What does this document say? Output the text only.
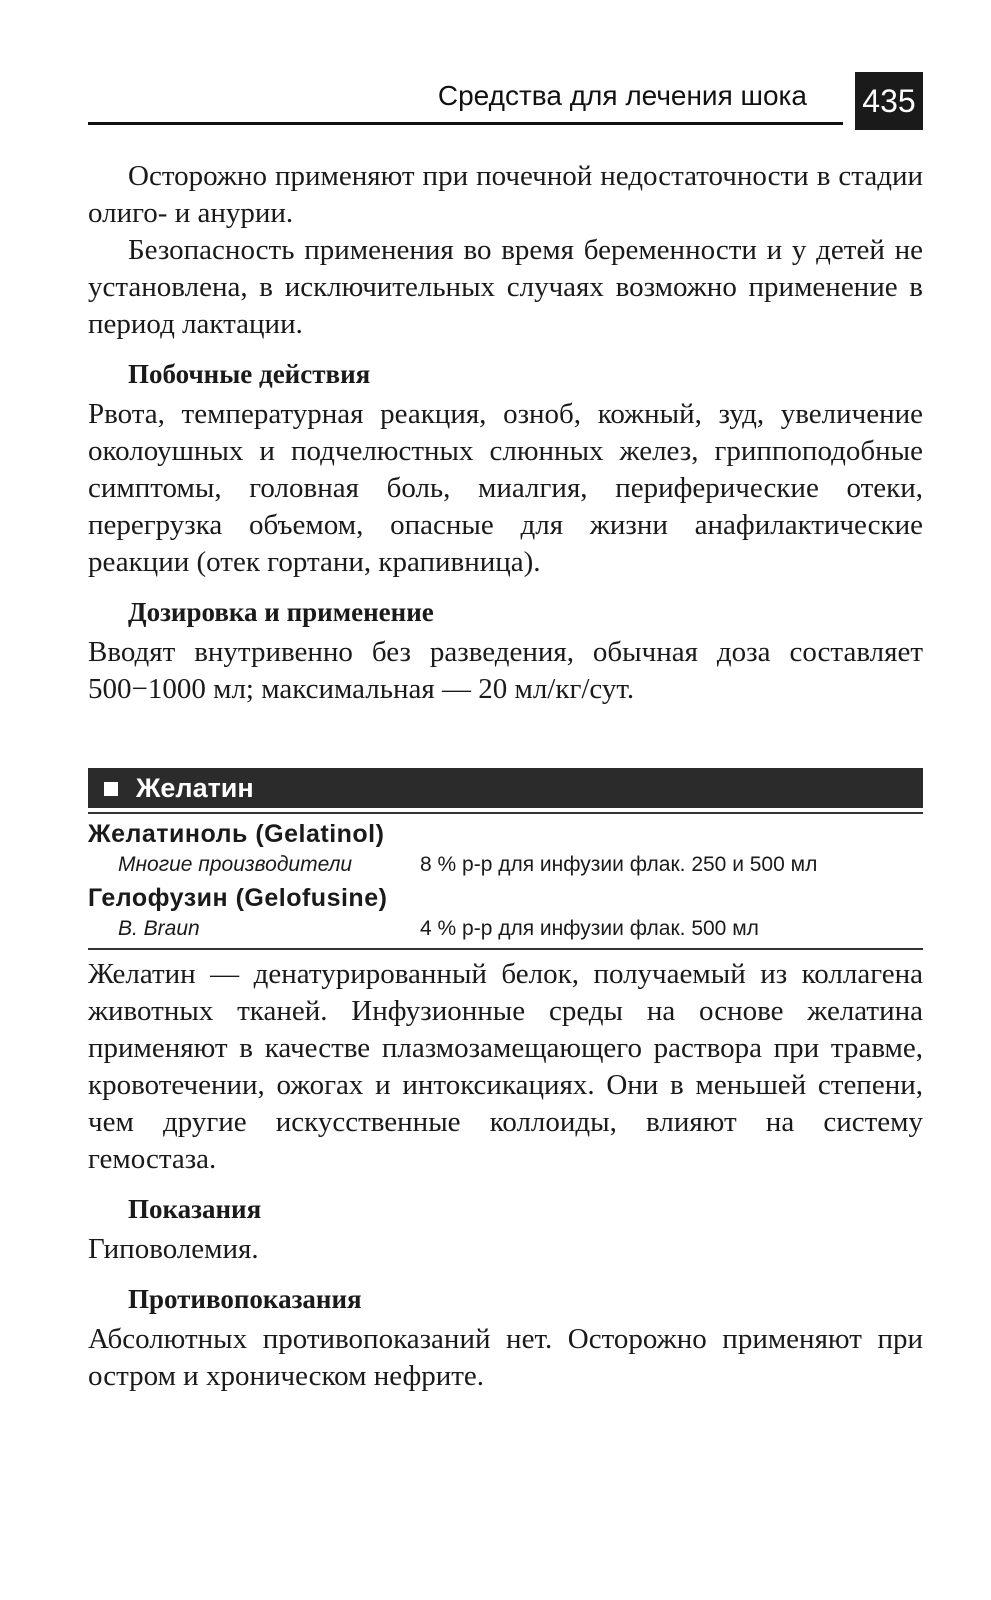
Средства для лечения шока 435

Осторожно применяют при почечной недостаточности в стадии олиго- и анурии.

Безопасность применения во время беременности и у детей не установлена, в исключительных случаях возможно применение в период лактации.

Побочные действия

Рвота, температурная реакция, озноб, кожный, зуд, увеличение околоушных и подчелюстных слюнных желез, гриппоподобные симптомы, головная боль, миалгия, периферические отеки, перегрузка объемом, опасные для жизни анафилактические реакции (отек гортани, крапивница).

Дозировка и применение

Вводят внутривенно без разведения, обычная доза составляет 500−1000 мл; максимальная — 20 мл/кг/сут.

Желатин
Желатиноль (Gelatinol)
Многие производители	8 % р-р для инфузии флак. 250 и 500 мл
Гелофузин (Gelofusine)
B. Braun	4 % р-р для инфузии флак. 500 мл

Желатин — денатурированный белок, получаемый из коллагена животных тканей. Инфузионные среды на основе желатина применяют в качестве плазмозамещающего раствора при травме, кровотечении, ожогах и интоксикациях. Они в меньшей степени, чем другие искусственные коллоиды, влияют на систему гемостаза.

Показания

Гиповолемия.

Противопоказания

Абсолютных противопоказаний нет. Осторожно применяют при остром и хроническом нефрите.
